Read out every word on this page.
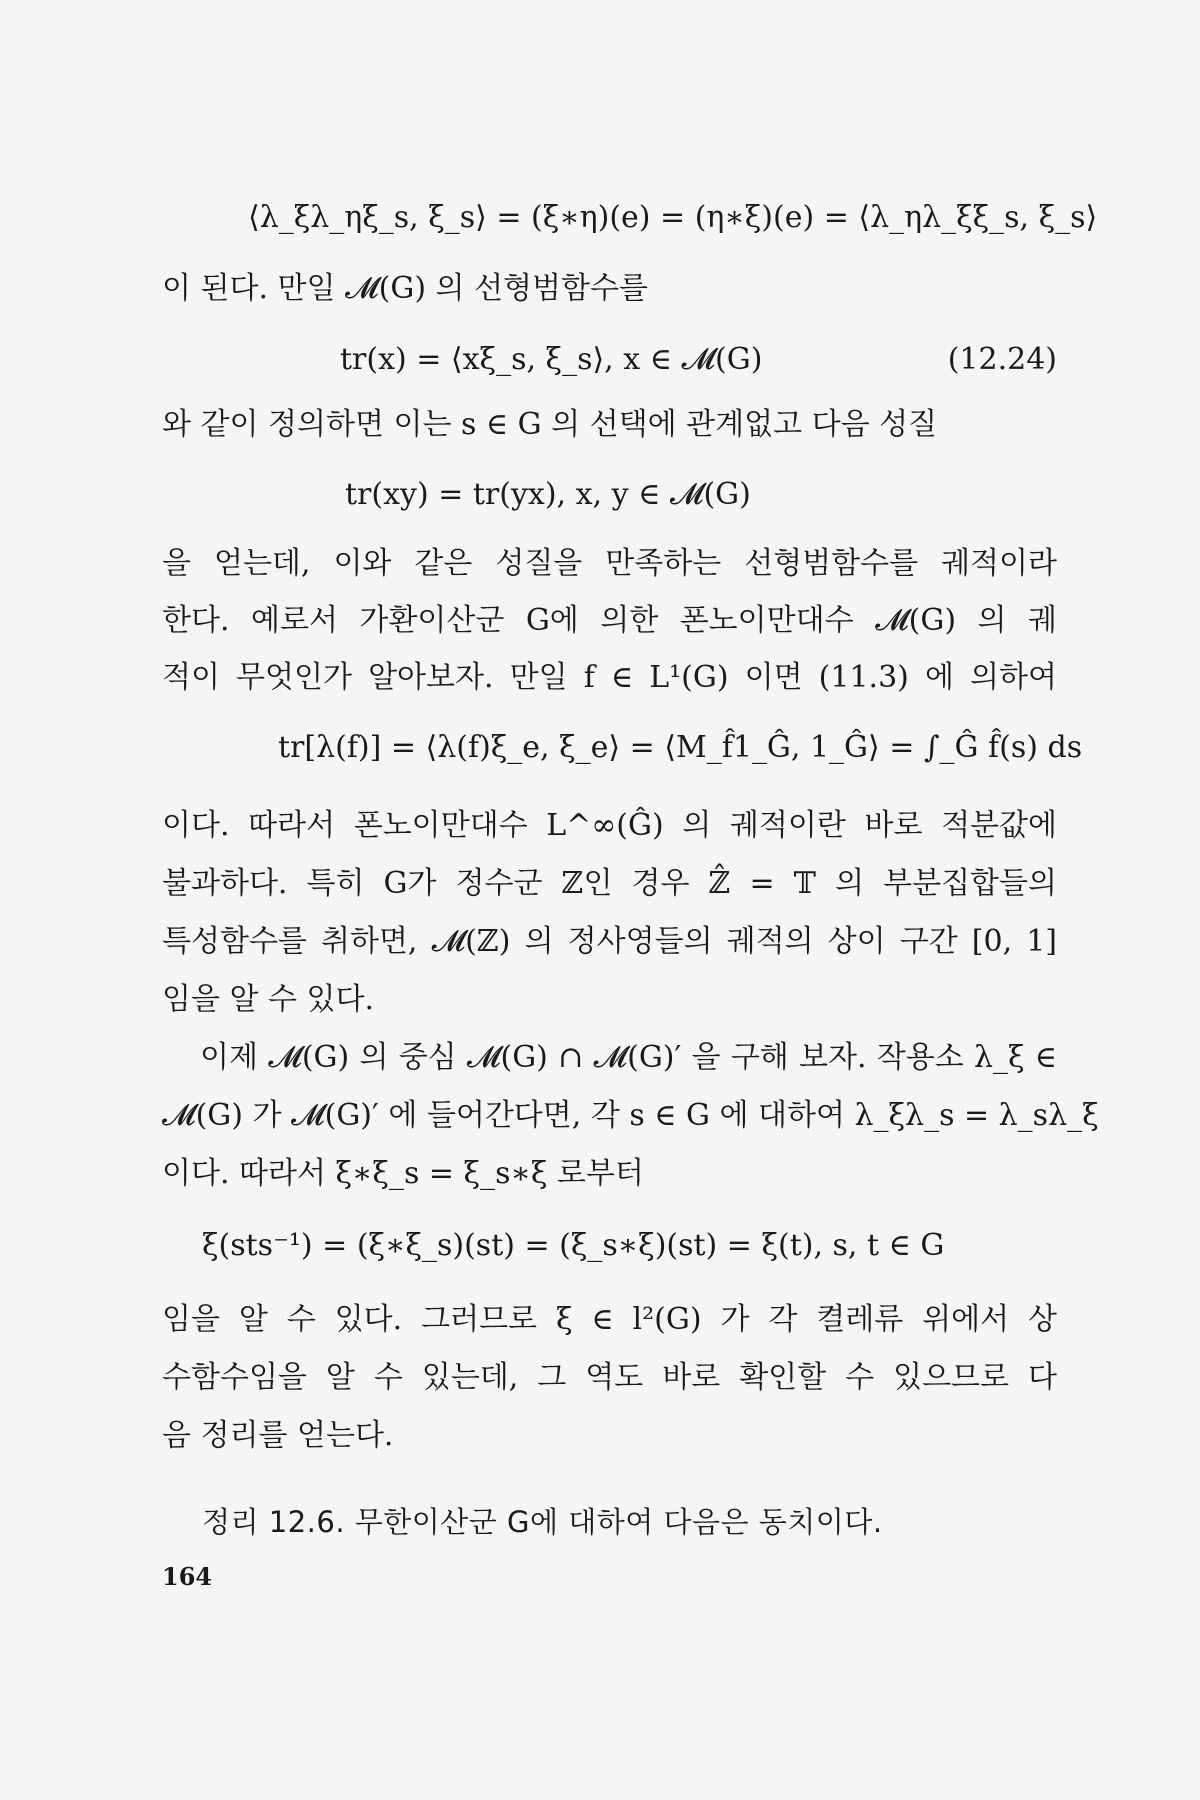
⟨λ_ξλ_ηξ_s, ξ_s⟩ = (ξ∗η)(e) = (η∗ξ)(e) = ⟨λ_ηλ_ξξ_s, ξ_s⟩
이 된다. 만일 𝓜(G) 의 선형범함수를
tr(x) = ⟨xξ_s, ξ_s⟩, x ∈ 𝓜(G)	(12.24)
와 같이 정의하면 이는 s ∈ G 의 선택에 관계없고 다음 성질
tr(xy) = tr(yx), x, y ∈ 𝓜(G)
을 얻는데, 이와 같은 성질을 만족하는 선형범함수를 궤적이라
한다. 예로서 가환이산군 G에 의한 폰노이만대수 𝓜(G) 의 궤
적이 무엇인가 알아보자. 만일 f ∈ L¹(G) 이면 (11.3) 에 의하여
tr[λ(f)] = ⟨λ(f)ξ_e, ξ_e⟩ = ⟨M_f̂1_Ĝ, 1_Ĝ⟩ = ∫_Ĝ f̂(s) ds
이다. 따라서 폰노이만대수 L^∞(Ĝ) 의 궤적이란 바로 적분값에
불과하다. 특히 G가 정수군 ℤ인 경우 ℤ̂ = 𝕋 의 부분집합들의
특성함수를 취하면, 𝓜(ℤ) 의 정사영들의 궤적의 상이 구간 [0, 1]
임을 알 수 있다.
이제 𝓜(G) 의 중심 𝓜(G) ∩ 𝓜(G)′ 을 구해 보자. 작용소 λ_ξ ∈
𝓜(G) 가 𝓜(G)′ 에 들어간다면, 각 s ∈ G 에 대하여 λ_ξλ_s = λ_sλ_ξ
이다. 따라서 ξ∗ξ_s = ξ_s∗ξ 로부터
ξ(sts⁻¹) = (ξ∗ξ_s)(st) = (ξ_s∗ξ)(st) = ξ(t), s, t ∈ G
임을 알 수 있다. 그러므로 ξ ∈ l²(G) 가 각 켤레류 위에서 상
수함수임을 알 수 있는데, 그 역도 바로 확인할 수 있으므로 다
음 정리를 얻는다.
정리 12.6. 무한이산군 G에 대하여 다음은 동치이다.
164
